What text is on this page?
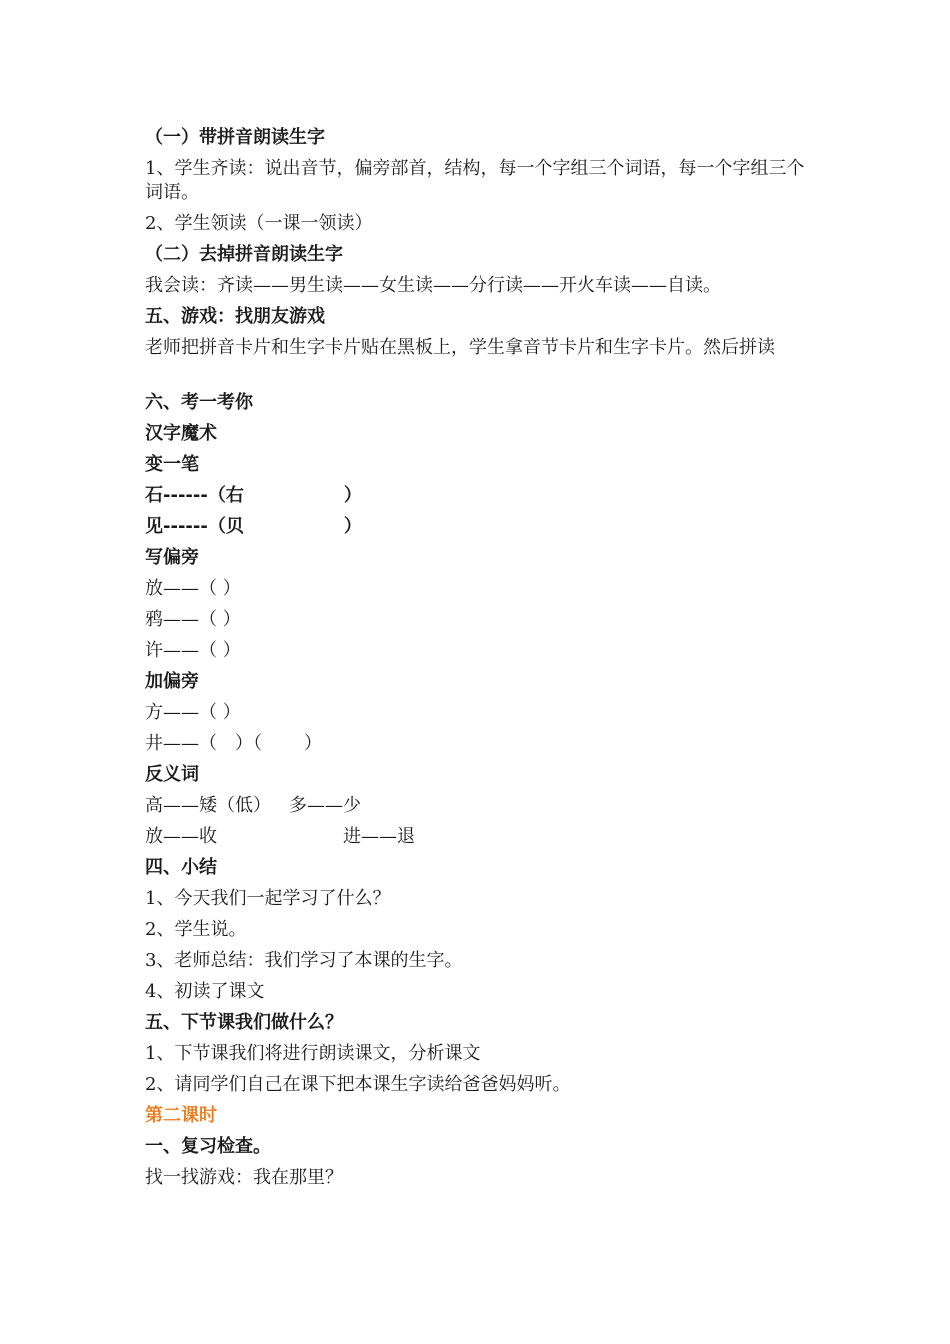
（一）带拼音朗读生字
1、学生齐读：说出音节，偏旁部首，结构，每一个字组三个词语，每一个字组三个词语。
2、学生领读（一课一领读）
（二）去掉拼音朗读生字
我会读：齐读——男生读——女生读——分行读——开火车读——自读。
五、游戏：找朋友游戏
老师把拼音卡片和生字卡片贴在黑板上，学生拿音节卡片和生字卡片。然后拼读
六、考一考你
汉字魔术
变一笔
石------（右	）
见------（贝	）
写偏旁
放——（ ）
鸦——（ ）
许——（ ）
加偏旁
方——（ ）
井——（ ）（ ）
反义词
高——矮（低） 多——少
放——收	进——退
四、小结
1、今天我们一起学习了什么？
2、学生说。
3、老师总结：我们学习了本课的生字。
4、初读了课文
五、下节课我们做什么？
1、下节课我们将进行朗读课文，分析课文
2、请同学们自己在课下把本课生字读给爸爸妈妈听。
第二课时
一、复习检查。
找一找游戏：我在那里？
